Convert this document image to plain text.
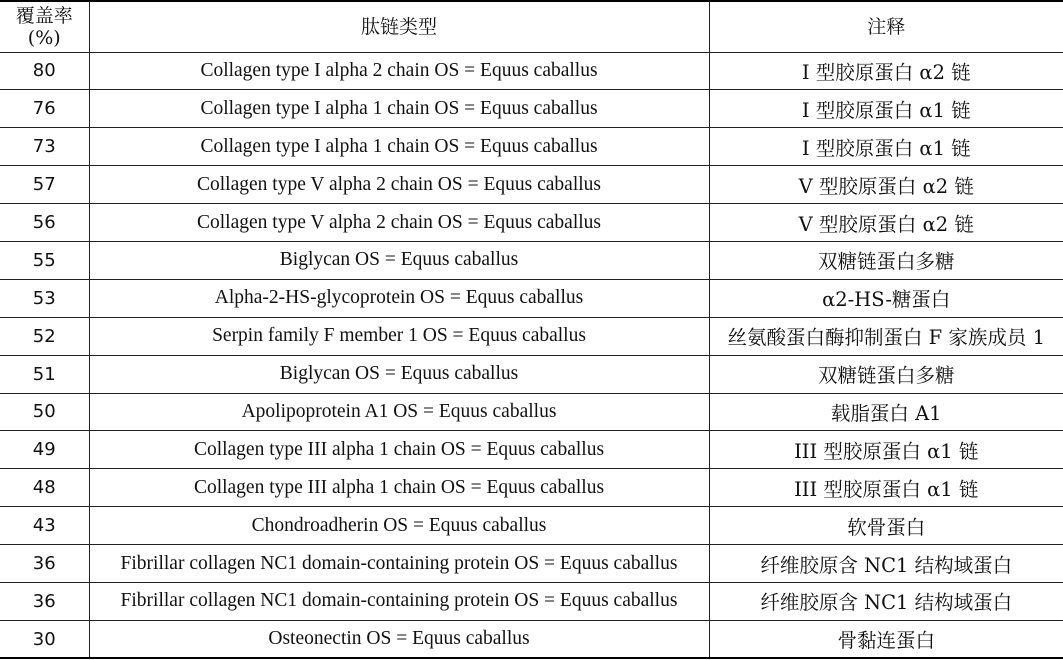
覆盖率
(%)	肽链类型	注释
80	Collagen type I alpha 2 chain OS = Equus caballus	I 型胶原蛋白 α2 链
76	Collagen type I alpha 1 chain OS = Equus caballus	I 型胶原蛋白 α1 链
73	Collagen type I alpha 1 chain OS = Equus caballus	I 型胶原蛋白 α1 链
57	Collagen type V alpha 2 chain OS = Equus caballus	V 型胶原蛋白 α2 链
56	Collagen type V alpha 2 chain OS = Equus caballus	V 型胶原蛋白 α2 链
55	Biglycan OS = Equus caballus	双糖链蛋白多糖
53	Alpha-2-HS-glycoprotein OS = Equus caballus	α2-HS-糖蛋白
52	Serpin family F member 1 OS = Equus caballus	丝氨酸蛋白酶抑制蛋白 F 家族成员 1
51	Biglycan OS = Equus caballus	双糖链蛋白多糖
50	Apolipoprotein A1 OS = Equus caballus	载脂蛋白 A1
49	Collagen type III alpha 1 chain OS = Equus caballus	III 型胶原蛋白 α1 链
48	Collagen type III alpha 1 chain OS = Equus caballus	III 型胶原蛋白 α1 链
43	Chondroadherin OS = Equus caballus	软骨蛋白
36	Fibrillar collagen NC1 domain-containing protein OS = Equus caballus	纤维胶原含 NC1 结构域蛋白
36	Fibrillar collagen NC1 domain-containing protein OS = Equus caballus	纤维胶原含 NC1 结构域蛋白
30	Osteonectin OS = Equus caballus	骨黏连蛋白
